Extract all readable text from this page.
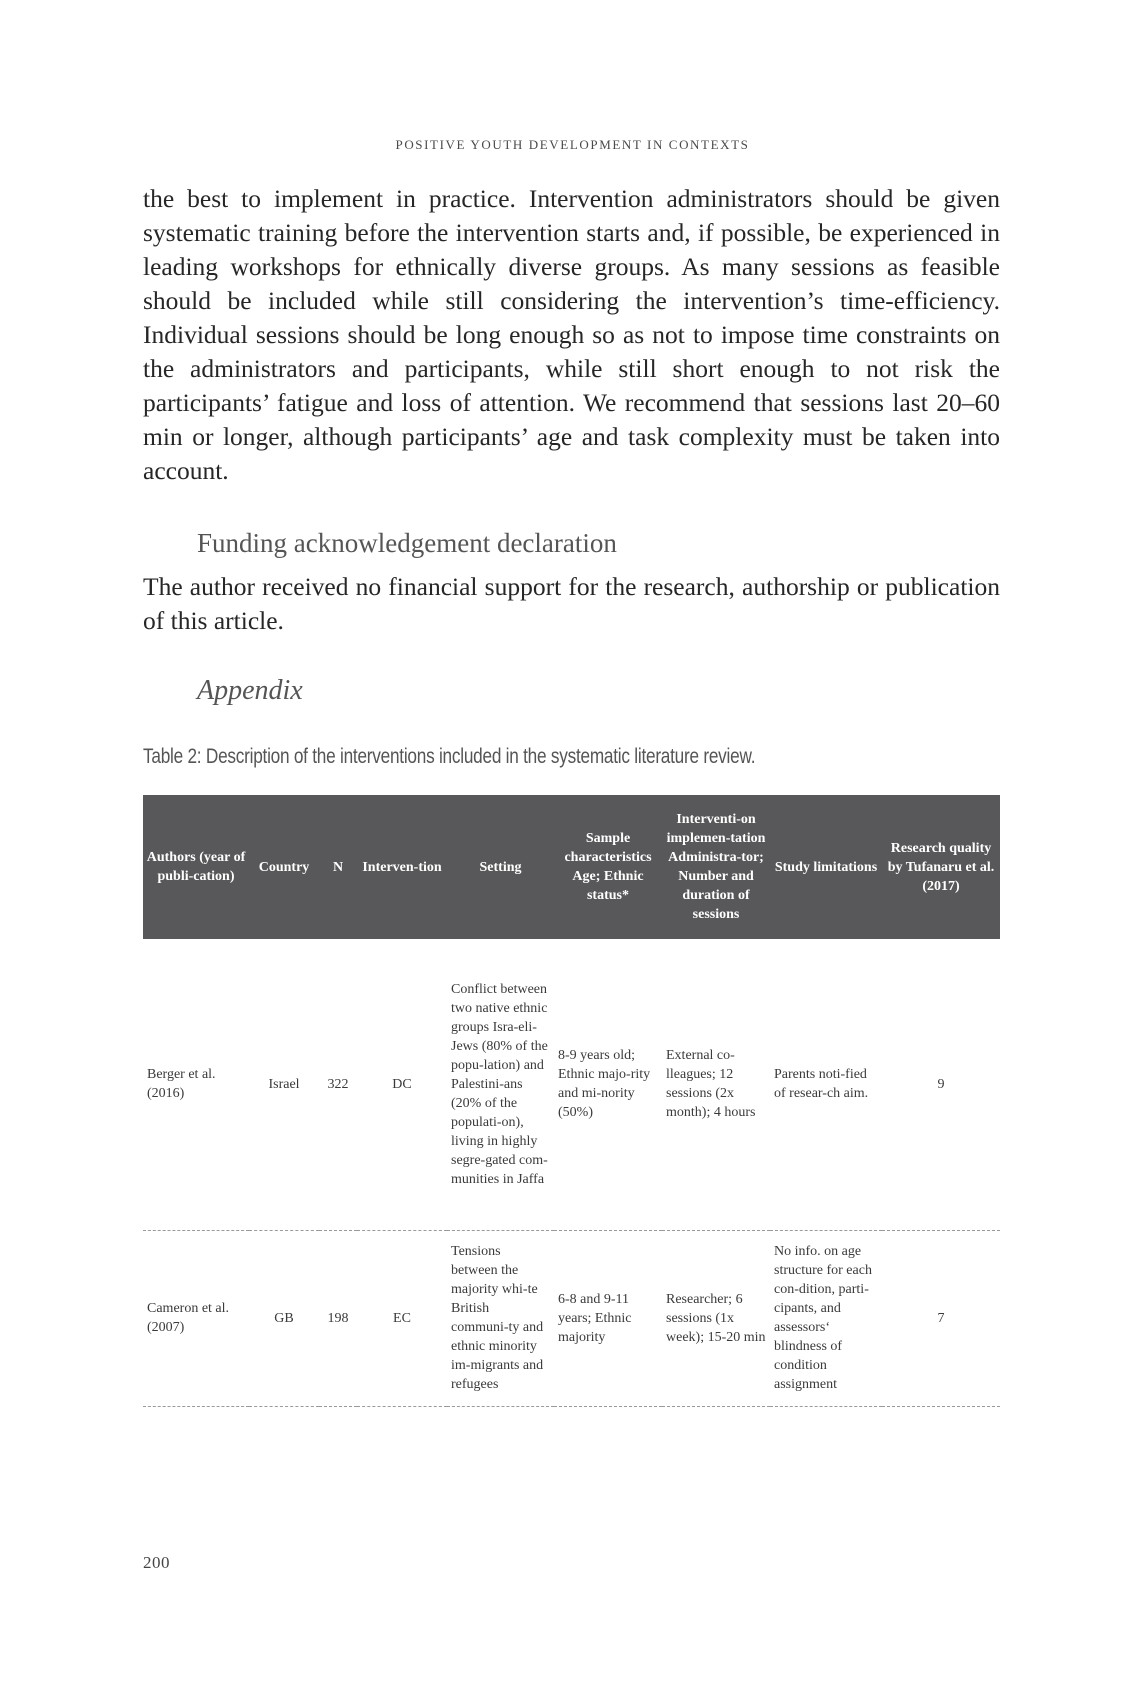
POSITIVE YOUTH DEVELOPMENT IN CONTEXTS

the best to implement in practice. Intervention administrators should be given systematic training before the intervention starts and, if possible, be experienced in leading workshops for ethnically diverse groups. As many sessions as feasible should be included while still considering the intervention’s time-efficiency. Individual sessions should be long enough so as not to impose time constraints on the administrators and participants, while still short enough to not risk the participants’ fatigue and loss of attention. We recommend that sessions last 20–60 min or longer, although participants’ age and task complexity must be taken into account.

Funding acknowledgement declaration

The author received no financial support for the research, authorship or publication of this article.

Appendix
Table 2: Description of the interventions included in the systematic literature review.
Authors (year of publi-cation)	Country	N	Interven-tion	Setting	Sample characteristics Age; Ethnic status*	Interventi-on implemen-tation Administra-tor; Number and duration of sessions	Study limitations	Research quality by Tufanaru et al. (2017)
Berger et al. (2016)	Israel	322	DC	Conflict between two native ethnic groups Isra-eli-Jews (80% of the popu-lation) and Palestini-ans (20% of the populati-on), living in highly segre-gated com-munities in Jaffa	8-9 years old; Ethnic majo-rity and mi-nority (50%)	External co-lleagues; 12 sessions (2x month); 4 hours	Parents noti-fied of resear-ch aim.	9
Cameron et al. (2007)	GB	198	EC	Tensions between the majority whi-te British communi-ty and ethnic minority im-migrants and refugees	6-8 and 9-11 years; Ethnic majority	Researcher; 6 sessions (1x week); 15-20 min	No info. on age structure for each con-dition, parti-cipants, and assessors‘ blindness of condition assignment	7
200
